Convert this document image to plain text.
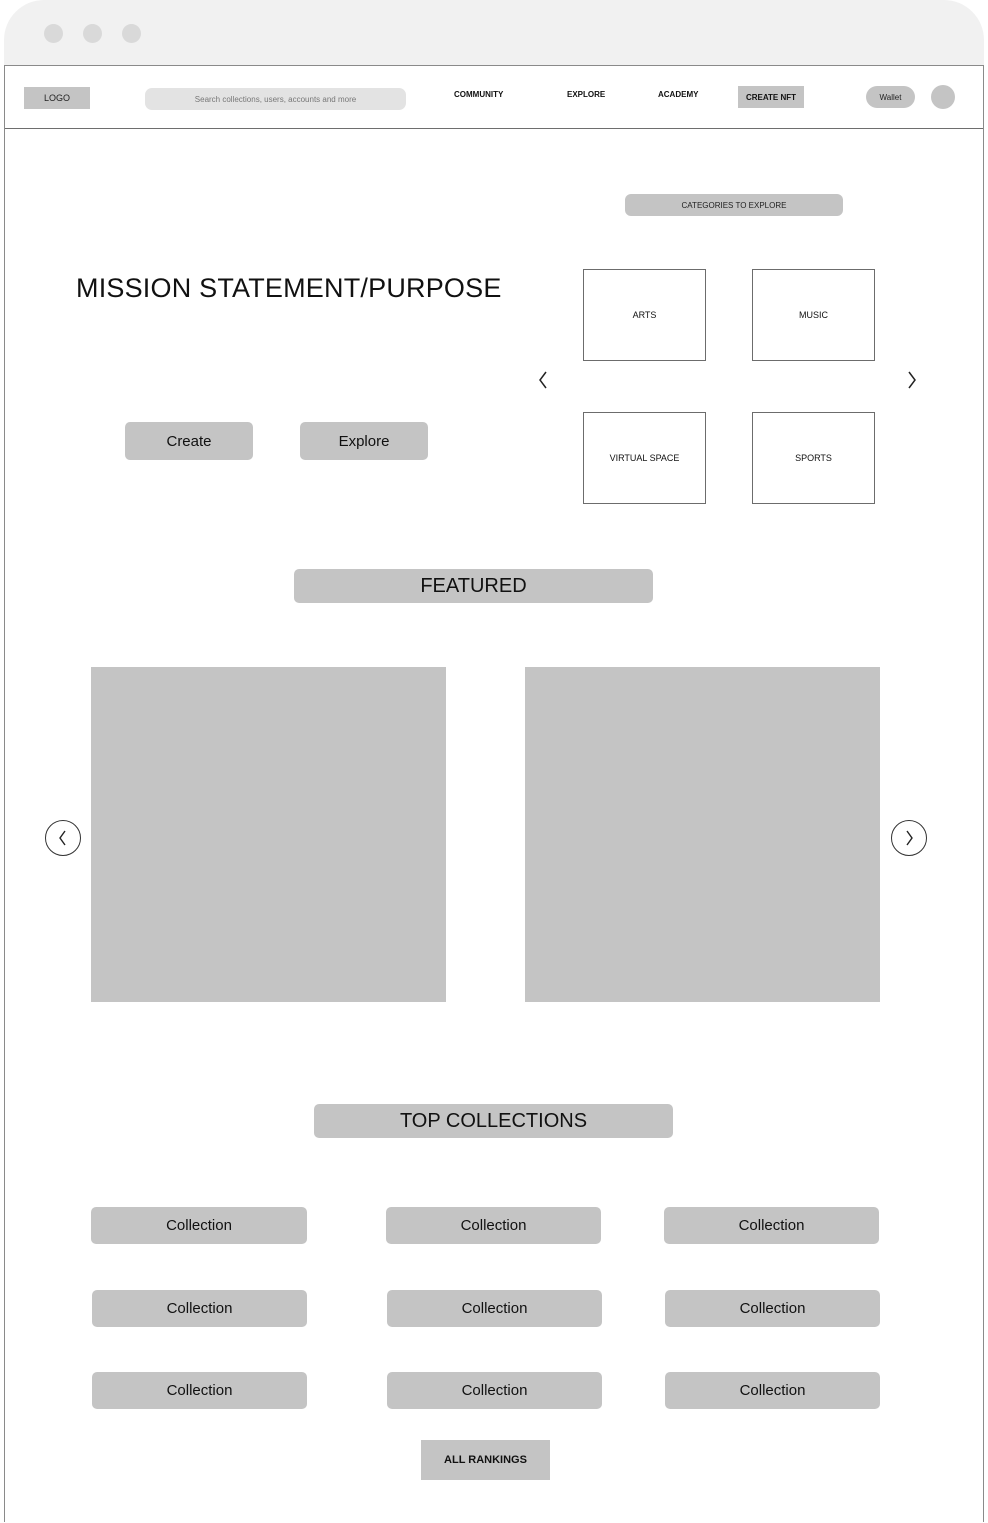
LOGO	Search collections, users, accounts and more	COMMUNITY	EXPLORE	ACADEMY	CREATE NFT	Wallet
MISSION STATEMENT/PURPOSE
Create	Explore
CATEGORIES TO EXPLORE
ARTS	MUSIC
VIRTUAL SPACE	SPORTS
FEATURED
TOP COLLECTIONS
Collection	Collection	Collection
Collection	Collection	Collection
Collection	Collection	Collection
ALL RANKINGS
